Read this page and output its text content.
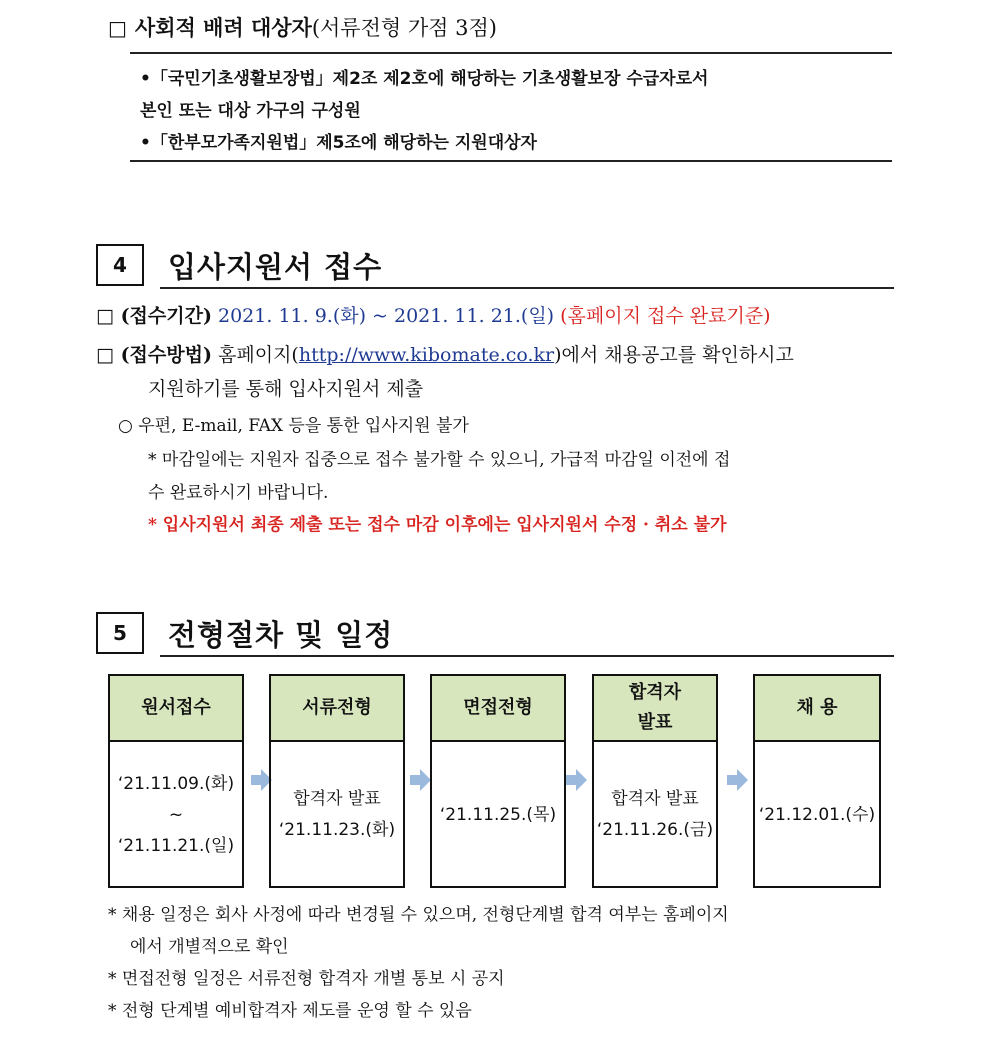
□ 사회적 배려 대상자(서류전형 가점 3점)
•「국민기초생활보장법」제2조 제2호에 해당하는 기초생활보장 수급자로서
본인 또는 대상 가구의 구성원
•「한부모가족지원법」제5조에 해당하는 지원대상자
4	입사지원서 접수
□ (접수기간) 2021. 11. 9.(화) ~ 2021. 11. 21.(일) (홈페이지 접수 완료기준)
□ (접수방법) 홈페이지(http://www.kibomate.co.kr)에서 채용공고를 확인하시고
지원하기를 통해 입사지원서 제출
○ 우편, E-mail, FAX 등을 통한 입사지원 불가
* 마감일에는 지원자 집중으로 접수 불가할 수 있으니, 가급적 마감일 이전에 접
수 완료하시기 바랍니다.
* 입사지원서 최종 제출 또는 접수 마감 이후에는 입사지원서 수정 · 취소 불가
5	전형절차 및 일정
원서접수
‘21.11.09.(화)
~
‘21.11.21.(일)
서류전형
합격자 발표
‘21.11.23.(화)
면접전형
‘21.11.25.(목)
합격자
발표
합격자 발표
‘21.11.26.(금)
채 용
‘21.12.01.(수)
* 채용 일정은 회사 사정에 따라 변경될 수 있으며, 전형단계별 합격 여부는 홈페이지
에서 개별적으로 확인
* 면접전형 일정은 서류전형 합격자 개별 통보 시 공지
* 전형 단계별 예비합격자 제도를 운영 할 수 있음
